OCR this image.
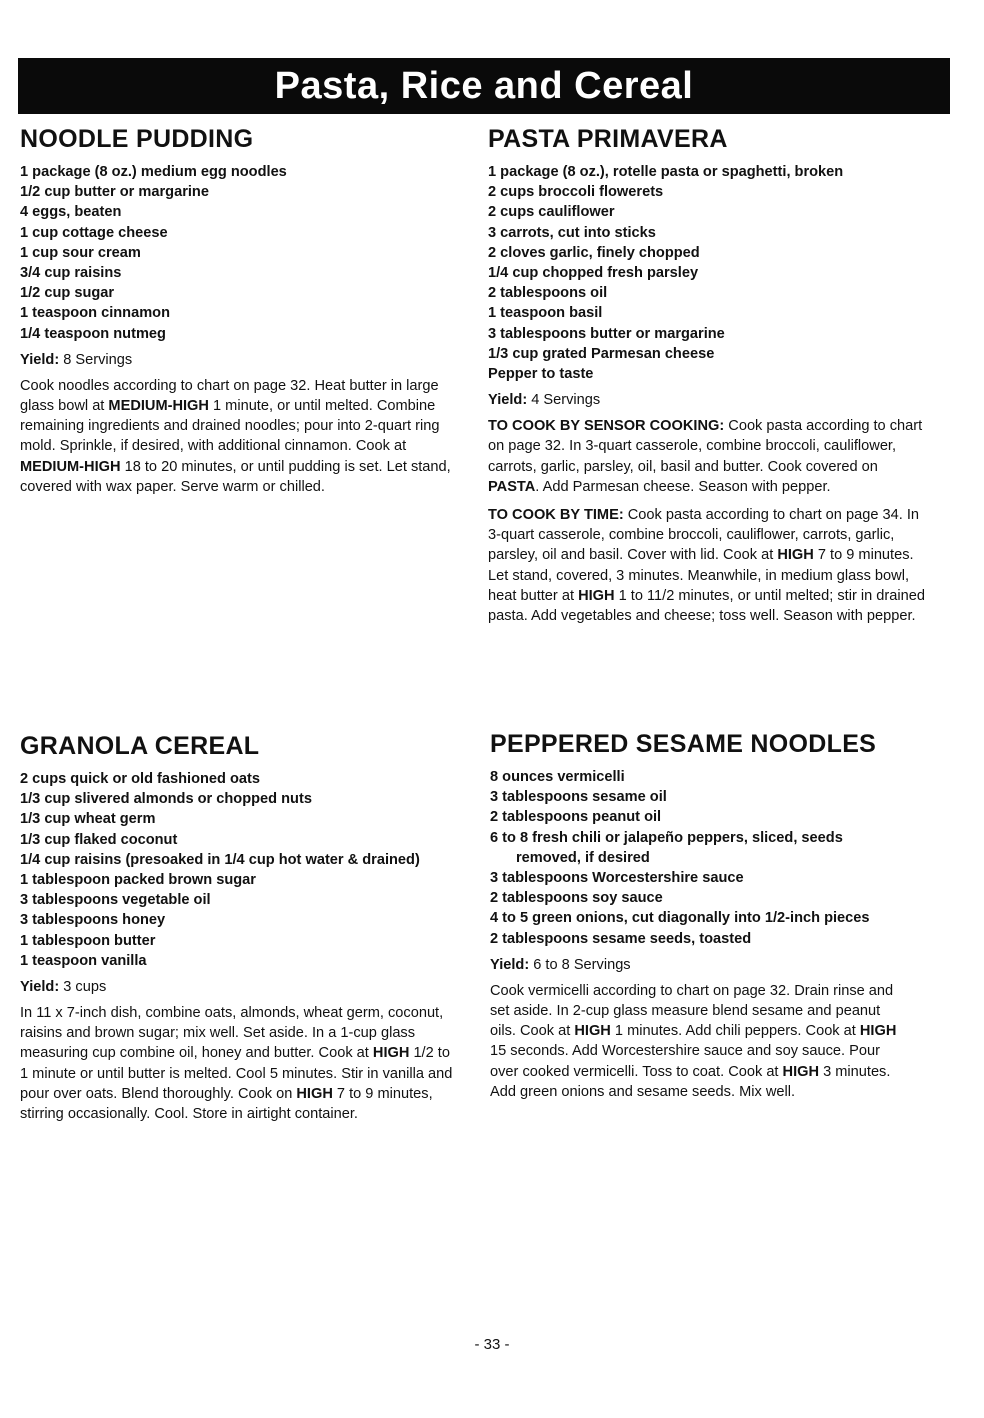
Pasta, Rice and Cereal
NOODLE PUDDING
1 package (8 oz.) medium egg noodles
1/2 cup butter or margarine
4 eggs, beaten
1 cup cottage cheese
1 cup sour cream
3/4 cup raisins
1/2 cup sugar
1 teaspoon cinnamon
1/4 teaspoon nutmeg
Yield: 8 Servings

Cook noodles according to chart on page 32. Heat butter in large glass bowl at MEDIUM-HIGH 1 minute, or until melted. Combine remaining ingredients and drained noodles; pour into 2-quart ring mold. Sprinkle, if desired, with additional cinnamon. Cook at MEDIUM-HIGH 18 to 20 minutes, or until pudding is set. Let stand, covered with wax paper. Serve warm or chilled.

PASTA PRIMAVERA
1 package (8 oz.), rotelle pasta or spaghetti, broken
2 cups broccoli flowerets
2 cups cauliflower
3 carrots, cut into sticks
2 cloves garlic, finely chopped
1/4 cup chopped fresh parsley
2 tablespoons oil
1 teaspoon basil
3 tablespoons butter or margarine
1/3 cup grated Parmesan cheese
Pepper to taste
Yield: 4 Servings

TO COOK BY SENSOR COOKING: Cook pasta according to chart on page 32. In 3-quart casserole, combine broccoli, cauliflower, carrots, garlic, parsley, oil, basil and butter. Cook covered on PASTA. Add Parmesan cheese. Season with pepper.

TO COOK BY TIME: Cook pasta according to chart on page 34. In 3-quart casserole, combine broccoli, cauliflower, carrots, garlic, parsley, oil and basil. Cover with lid. Cook at HIGH 7 to 9 minutes. Let stand, covered, 3 minutes. Meanwhile, in medium glass bowl, heat butter at HIGH 1 to 11/2 minutes, or until melted; stir in drained pasta. Add vegetables and cheese; toss well. Season with pepper.

GRANOLA CEREAL
2 cups quick or old fashioned oats
1/3 cup slivered almonds or chopped nuts
1/3 cup wheat germ
1/3 cup flaked coconut
1/4 cup raisins (presoaked in 1/4 cup hot water & drained)
1 tablespoon packed brown sugar
3 tablespoons vegetable oil
3 tablespoons honey
1 tablespoon butter
1 teaspoon vanilla
Yield: 3 cups

In 11 x 7-inch dish, combine oats, almonds, wheat germ, coconut, raisins and brown sugar; mix well. Set aside. In a 1-cup glass measuring cup combine oil, honey and butter. Cook at HIGH 1/2 to 1 minute or until butter is melted. Cool 5 minutes. Stir in vanilla and pour over oats. Blend thoroughly. Cook on HIGH 7 to 9 minutes, stirring occasionally. Cool. Store in airtight container.

PEPPERED SESAME NOODLES
8 ounces vermicelli
3 tablespoons sesame oil
2 tablespoons peanut oil
6 to 8 fresh chili or jalapeño peppers, sliced, seeds removed, if desired
3 tablespoons Worcestershire sauce
2 tablespoons soy sauce
4 to 5 green onions, cut diagonally into 1/2-inch pieces
2 tablespoons sesame seeds, toasted
Yield: 6 to 8 Servings

Cook vermicelli according to chart on page 32. Drain rinse and set aside. In 2-cup glass measure blend sesame and peanut oils. Cook at HIGH 1 minutes. Add chili peppers. Cook at HIGH 15 seconds. Add Worcestershire sauce and soy sauce. Pour over cooked vermicelli. Toss to coat. Cook at HIGH 3 minutes. Add green onions and sesame seeds. Mix well.

- 33 -
